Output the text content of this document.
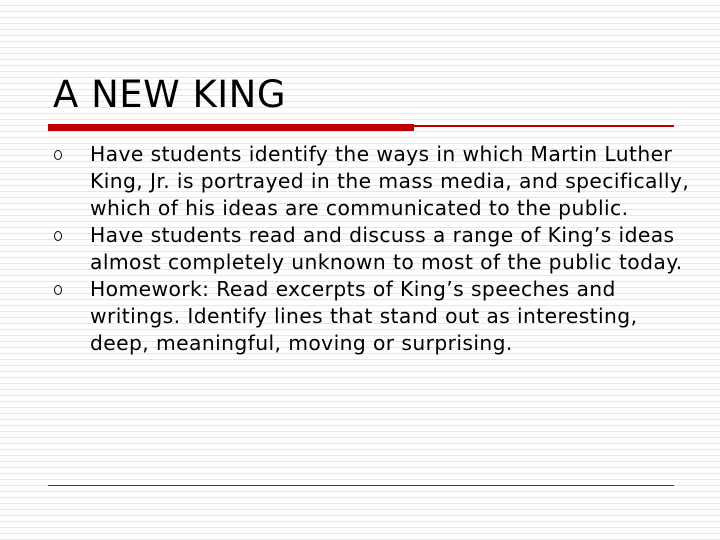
A NEW KING
Have students identify the ways in which Martin Luther King, Jr. is portrayed in the mass media, and specifically, which of his ideas are communicated to the public.
Have students read and discuss a range of King’s ideas almost completely unknown to most of the public today.
Homework: Read excerpts of King’s speeches and writings. Identify lines that stand out as interesting, deep, meaningful, moving or surprising.
